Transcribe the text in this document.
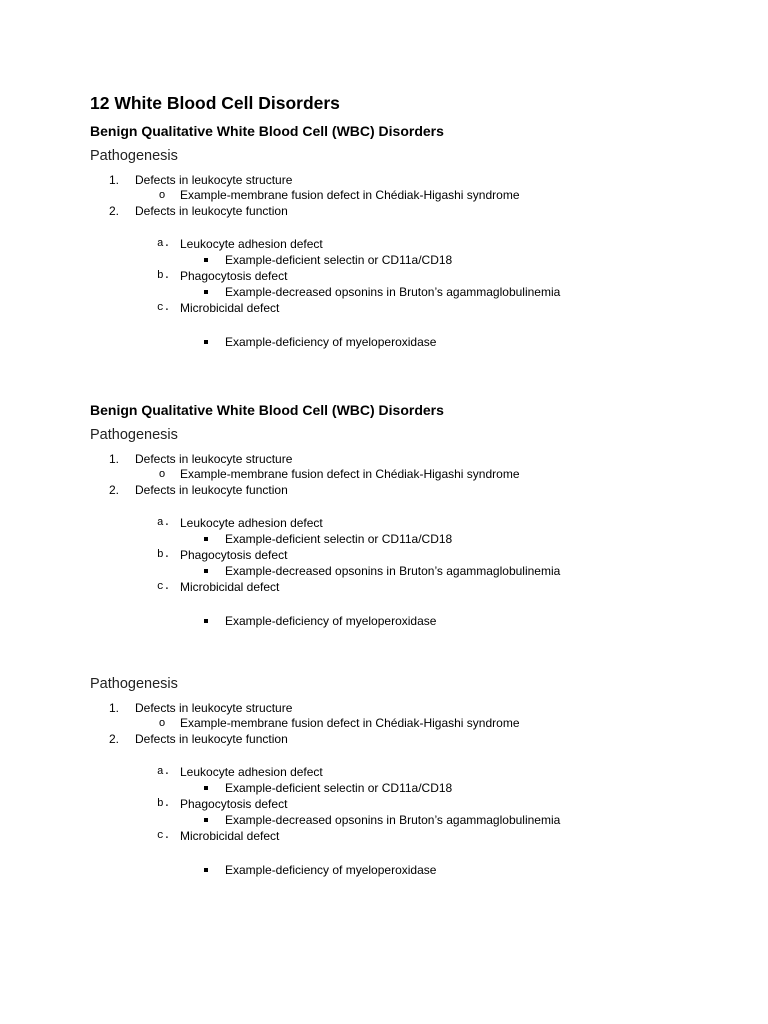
12 White Blood Cell Disorders
Benign Qualitative White Blood Cell (WBC) Disorders
Pathogenesis
1. Defects in leukocyte structure
o Example-membrane fusion defect in Chédiak-Higashi syndrome
2. Defects in leukocyte function
a. Leukocyte adhesion defect
Example-deficient selectin or CD11a/CD18
b. Phagocytosis defect
Example-decreased opsonins in Bruton’s agammaglobulinemia
c. Microbicidal defect
Example-deficiency of myeloperoxidase
Benign Qualitative White Blood Cell (WBC) Disorders
Pathogenesis
1. Defects in leukocyte structure
o Example-membrane fusion defect in Chédiak-Higashi syndrome
2. Defects in leukocyte function
a. Leukocyte adhesion defect
Example-deficient selectin or CD11a/CD18
b. Phagocytosis defect
Example-decreased opsonins in Bruton’s agammaglobulinemia
c. Microbicidal defect
Example-deficiency of myeloperoxidase
Pathogenesis
1. Defects in leukocyte structure
o Example-membrane fusion defect in Chédiak-Higashi syndrome
2. Defects in leukocyte function
a. Leukocyte adhesion defect
Example-deficient selectin or CD11a/CD18
b. Phagocytosis defect
Example-decreased opsonins in Bruton’s agammaglobulinemia
c. Microbicidal defect
Example-deficiency of myeloperoxidase
